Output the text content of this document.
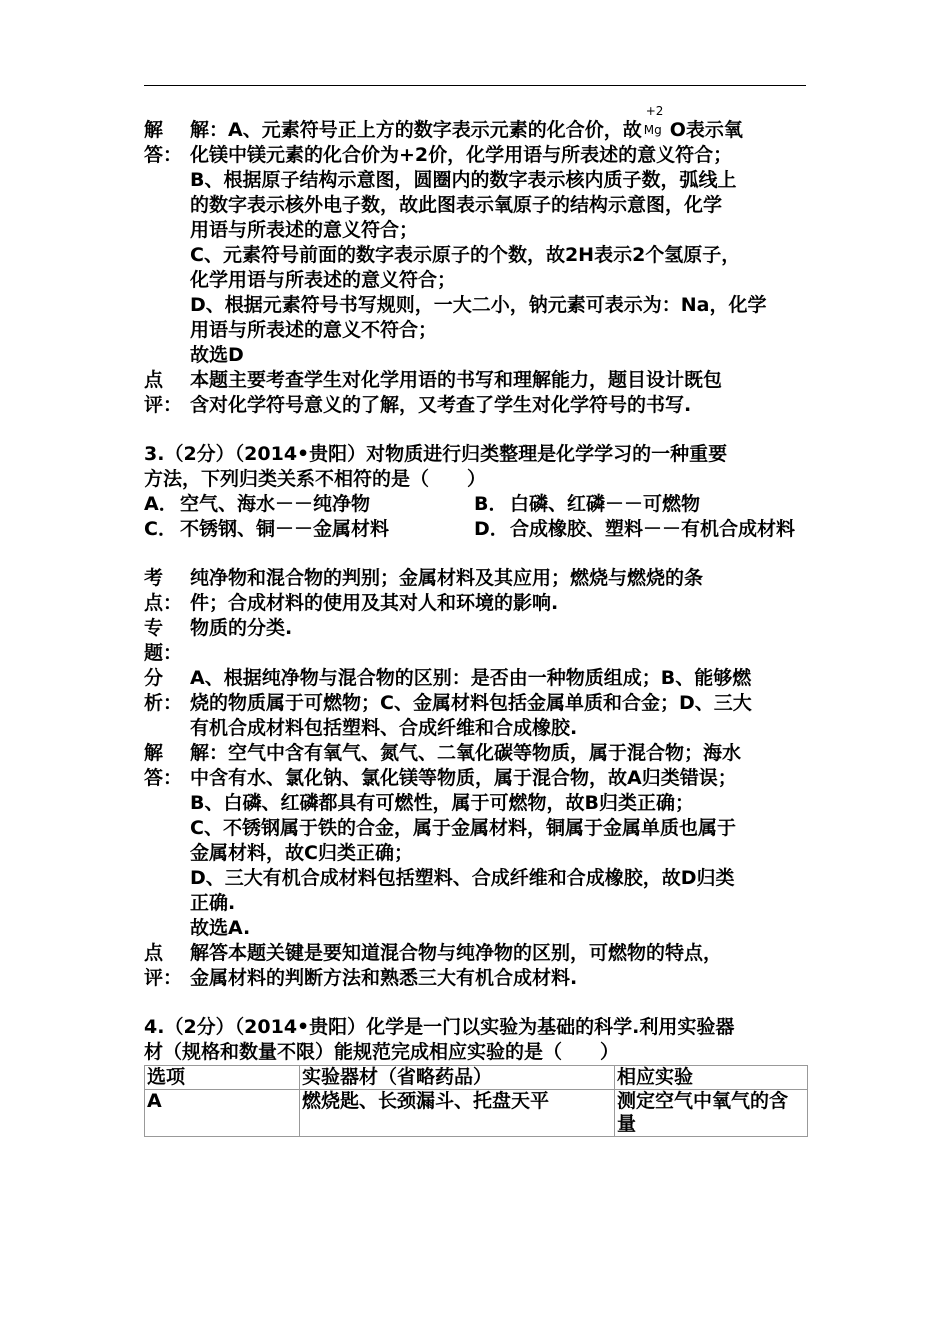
解
答：

解：A、元素符号正上方的数字表示元素的化合价，故
+2
Mg O表示氧

化镁中镁元素的化合价为+2价，化学用语与所表述的意义符合；

B、根据原子结构示意图，圆圈内的数字表示核内质子数，弧线上

的数字表示核外电子数，故此图表示氧原子的结构示意图，化学

用语与所表述的意义符合；

C、元素符号前面的数字表示原子的个数，故2H表示2个氢原子，

化学用语与所表述的意义符合；

D、根据元素符号书写规则，一大二小，钠元素可表示为：Na，化学

用语与所表述的意义不符合；

故选D

点
评：

本题主要考查学生对化学用语的书写和理解能力，题目设计既包

含对化学符号意义的了解，又考查了学生对化学符号的书写.

3.（2分）（2014•贵阳）对物质进行归类整理是化学学习的一种重要

方法，下列归类关系不相符的是（　　）

A． 空气、海水－－纯净物	B． 白磷、红磷－－可燃物
C． 不锈钢、铜－－金属材料	D． 合成橡胶、塑料－－有机合成材料
考
点：

纯净物和混合物的判别；金属材料及其应用；燃烧与燃烧的条

件；合成材料的使用及其对人和环境的影响.

专
题：

物质的分类.

分
析：

A、根据纯净物与混合物的区别：是否由一种物质组成；B、能够燃

烧的物质属于可燃物；C、金属材料包括金属单质和合金；D、三大

有机合成材料包括塑料、合成纤维和合成橡胶.

解
答：

解：空气中含有氧气、氮气、二氧化碳等物质，属于混合物；海水

中含有水、氯化钠、氯化镁等物质，属于混合物，故A归类错误；

B、白磷、红磷都具有可燃性，属于可燃物，故B归类正确；

C、不锈钢属于铁的合金，属于金属材料，铜属于金属单质也属于

金属材料，故C归类正确；

D、三大有机合成材料包括塑料、合成纤维和合成橡胶，故D归类

正确.

故选A.

点
评：

解答本题关键是要知道混合物与纯净物的区别，可燃物的特点，

金属材料的判断方法和熟悉三大有机合成材料.

4.（2分）（2014•贵阳）化学是一门以实验为基础的科学.利用实验器

材（规格和数量不限）能规范完成相应实验的是（　　）

选项	实验器材（省略药品）	相应实验
A	燃烧匙、长颈漏斗、托盘天平	测定空气中氧气的含量
